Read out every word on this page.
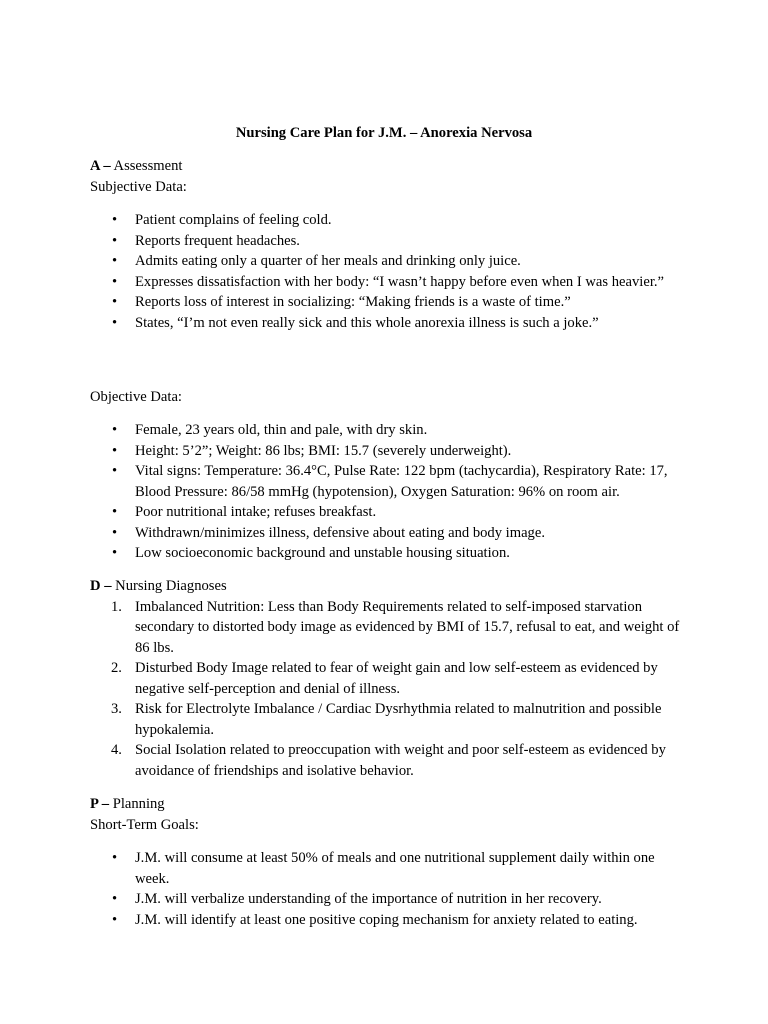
Nursing Care Plan for J.M. – Anorexia Nervosa

A – Assessment

Subjective Data:

• Patient complains of feeling cold.
• Reports frequent headaches.
• Admits eating only a quarter of her meals and drinking only juice.
• Expresses dissatisfaction with her body: “I wasn’t happy before even when I was heavier.”
• Reports loss of interest in socializing: “Making friends is a waste of time.”
• States, “I’m not even really sick and this whole anorexia illness is such a joke.”

Objective Data:

• Female, 23 years old, thin and pale, with dry skin.
• Height: 5’2”; Weight: 86 lbs; BMI: 15.7 (severely underweight).
• Vital signs: Temperature: 36.4°C, Pulse Rate: 122 bpm (tachycardia), Respiratory Rate: 17, Blood Pressure: 86/58 mmHg (hypotension), Oxygen Saturation: 96% on room air.
• Poor nutritional intake; refuses breakfast.
• Withdrawn/minimizes illness, defensive about eating and body image.
• Low socioeconomic background and unstable housing situation.

D – Nursing Diagnoses

1. Imbalanced Nutrition: Less than Body Requirements related to self-imposed starvation secondary to distorted body image as evidenced by BMI of 15.7, refusal to eat, and weight of 86 lbs.
2. Disturbed Body Image related to fear of weight gain and low self-esteem as evidenced by negative self-perception and denial of illness.
3. Risk for Electrolyte Imbalance / Cardiac Dysrhythmia related to malnutrition and possible hypokalemia.
4. Social Isolation related to preoccupation with weight and poor self-esteem as evidenced by avoidance of friendships and isolative behavior.

P – Planning

Short-Term Goals:

• J.M. will consume at least 50% of meals and one nutritional supplement daily within one week.
• J.M. will verbalize understanding of the importance of nutrition in her recovery.
• J.M. will identify at least one positive coping mechanism for anxiety related to eating.
